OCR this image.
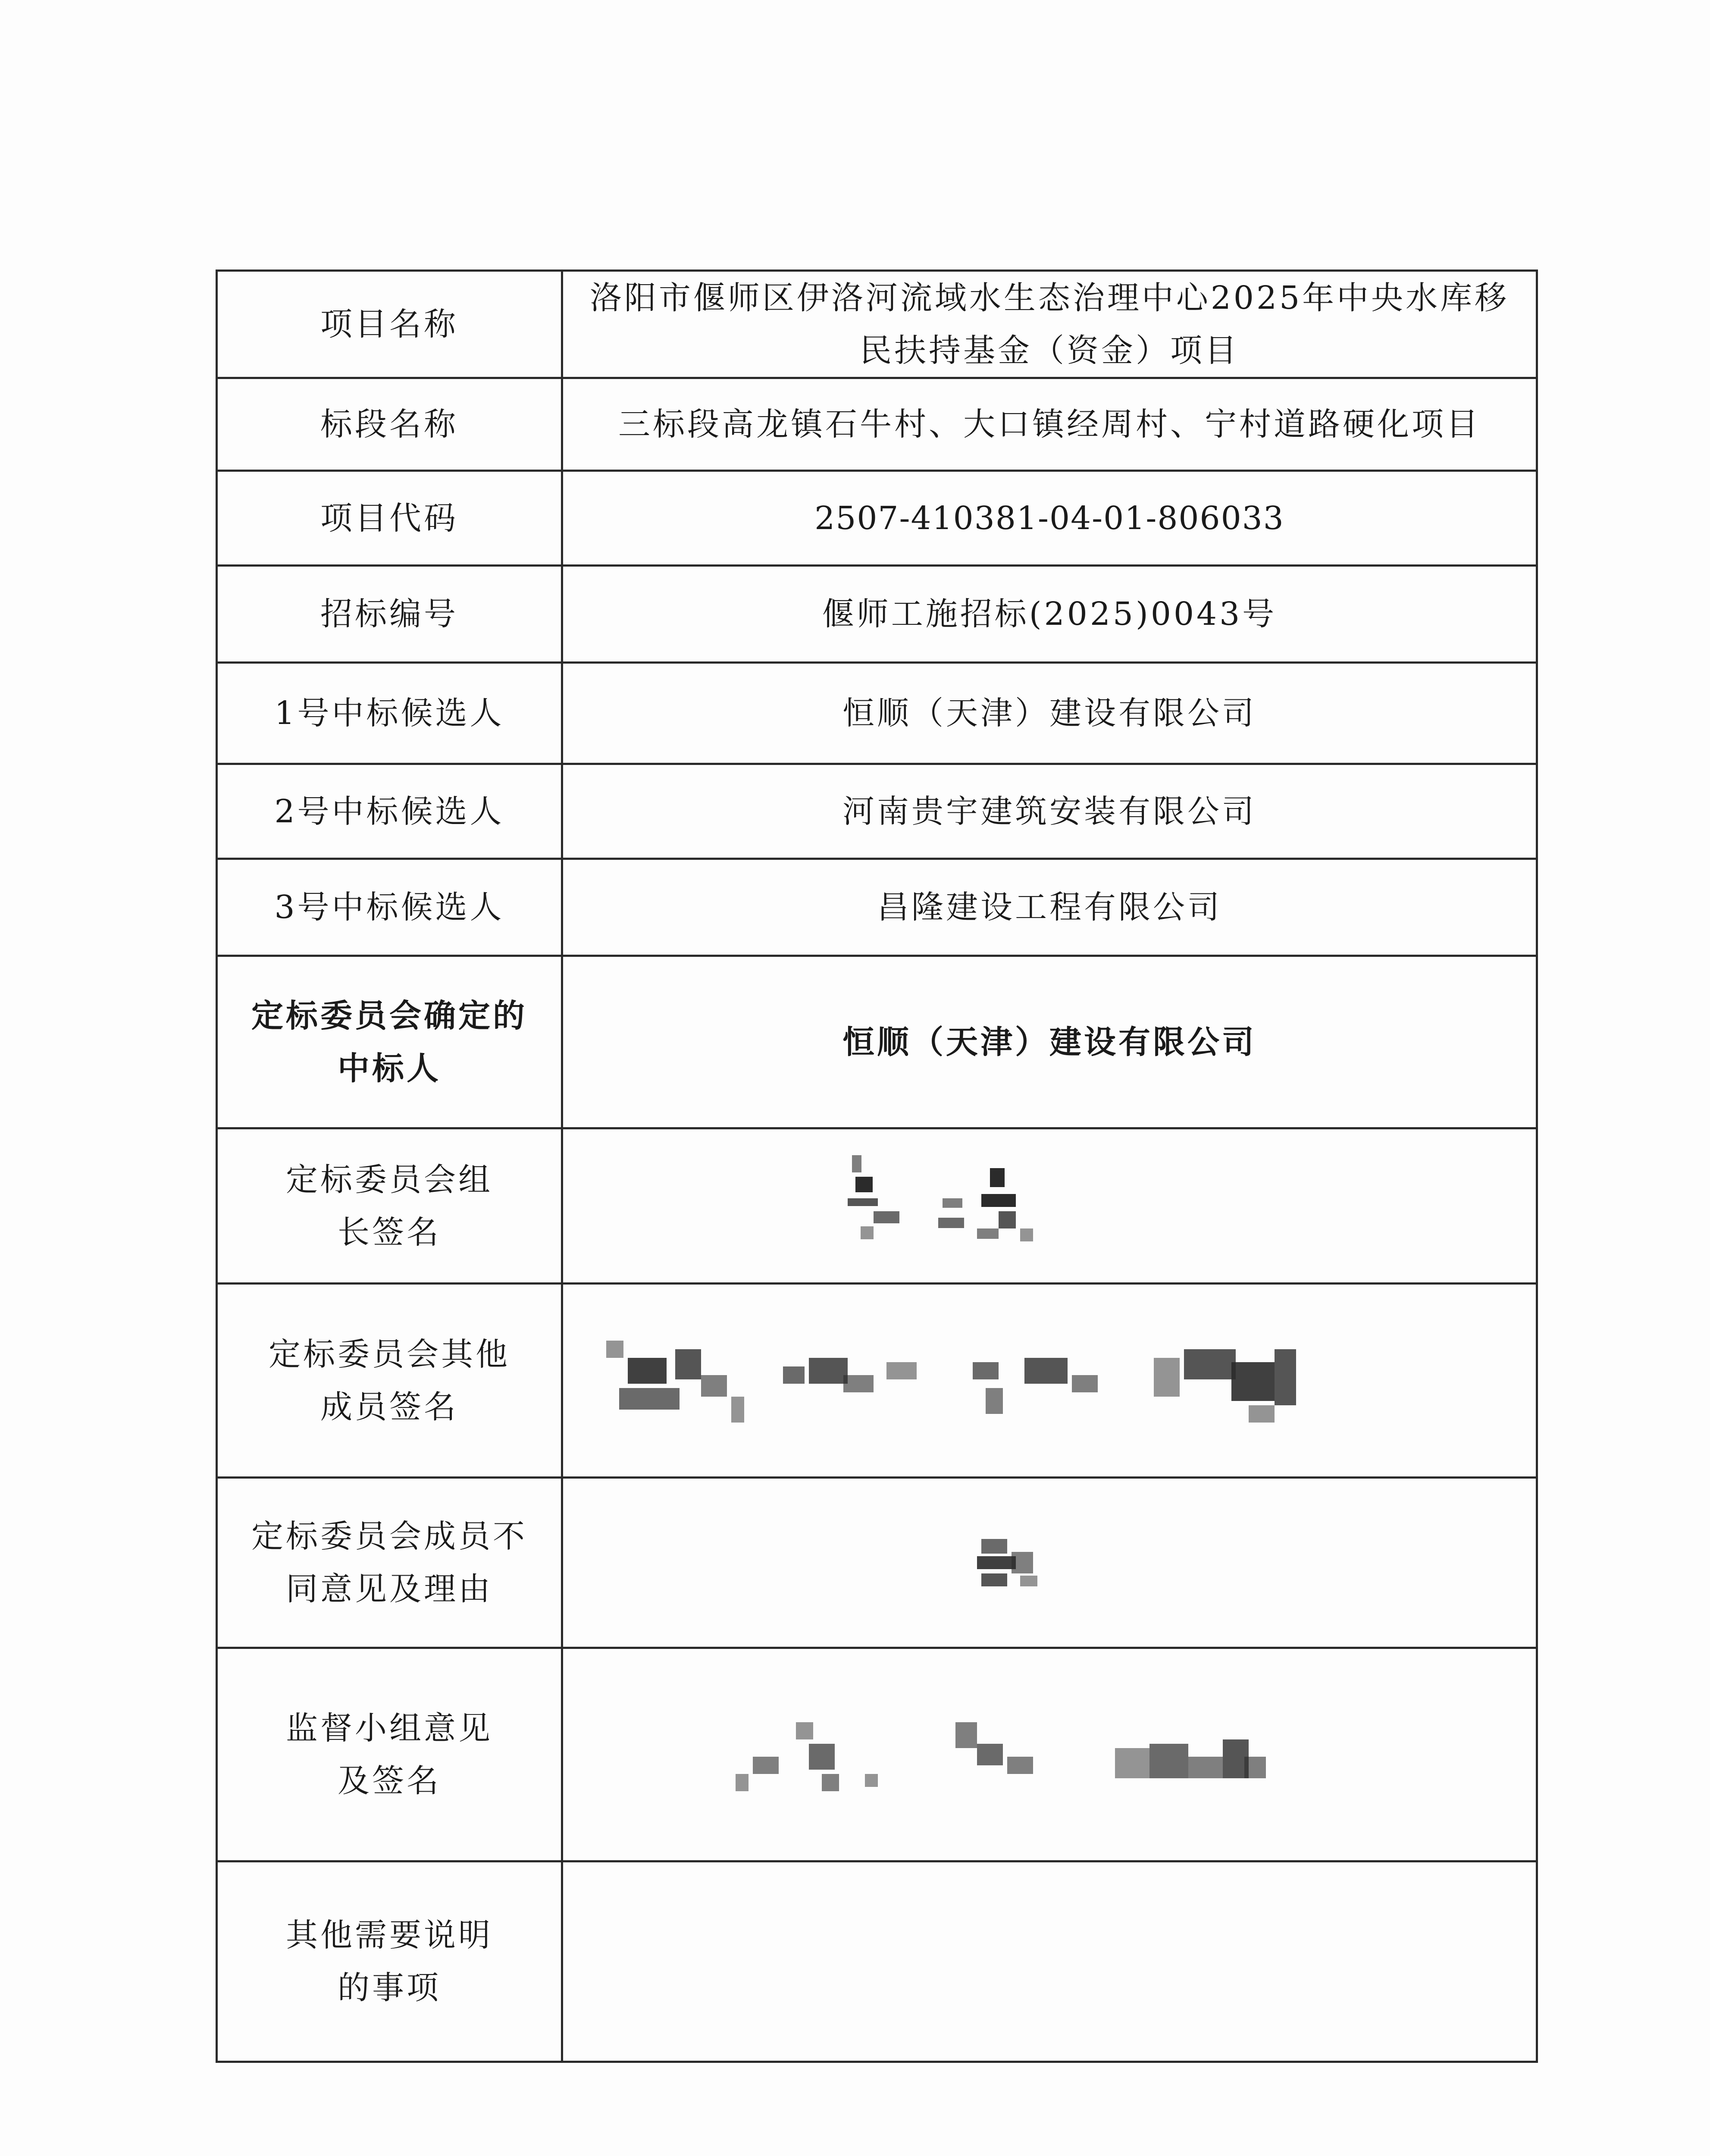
项目名称	洛阳市偃师区伊洛河流域水生态治理中心2025年中央水库移民扶持基金（资金）项目
标段名称	三标段高龙镇石牛村、大口镇经周村、宁村道路硬化项目
项目代码	2507-410381-04-01-806033
招标编号	偃师工施招标(2025)0043号
1号中标候选人	恒顺（天津）建设有限公司
2号中标候选人	河南贵宇建筑安装有限公司
3号中标候选人	昌隆建设工程有限公司
定标委员会确定的中标人	恒顺（天津）建设有限公司
定标委员会组长签名	

定标委员会其他成员签名	

定标委员会成员不同意见及理由	

监督小组意见及签名	

其他需要说明的事项	
